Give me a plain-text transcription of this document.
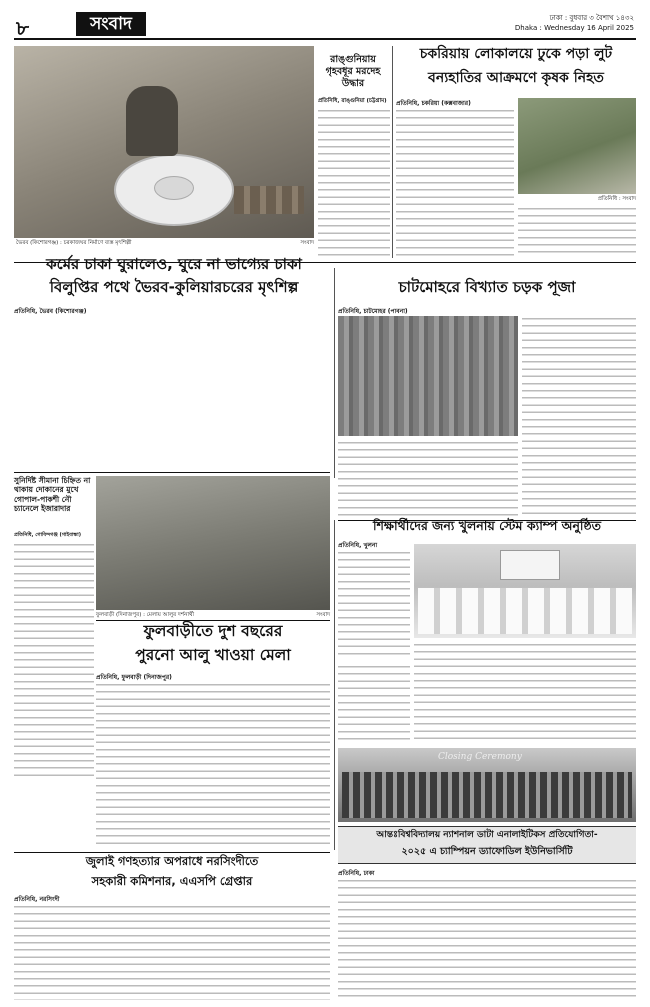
৮	সংবাদ	ঢাকা : বুধবার ৩ বৈশাখ ১৪৩২
Dhaka : Wednesday 16 April 2025
ভৈরব (কিশোরগঞ্জ) : চরকাজঘর নির্মাণে ব্যস্ত মৃৎশিল্পী	সংবাদ
রাঙ্গুনিয়ায় গৃহবধূর মরদেহ উদ্ধার
প্রতিনিধি, রাঙ্গুনিয়া (চট্টগ্রাম)
চকরিয়ায় লোকালয়ে ঢুকে পড়া লুট
বন্যহাতির আক্রমণে কৃষক নিহত
প্রতিনিধি, চকরিয়া (কক্সবাজার)
প্রতিনিধি : সংবাদ
কর্মের চাকা ঘুরালেও, ঘুরে না ভাগ্যের চাকা
বিলুপ্তির পথে ভৈরব-কুলিয়ারচরের মৃৎশিল্প
প্রতিনিধি, ভৈরব (কিশোরগঞ্জ)
চাটমোহরে বিখ্যাত চড়ক পূজা
প্রতিনিধি, চাটমোহর (পাবনা)
সুনির্দিষ্ট সীমানা চিহ্নিত না থাকায় দোকানের মুখে গোপাল-পাকশী নৌ চ্যানেলে ইজারাদার
প্রতিনিধি, গোবিন্দগঞ্জ (গাইবান্ধা)
ফুলবাড়ী (দিনাজপুর) : মেলায় আলুর দর্শনার্থী	সংবাদ
শিক্ষার্থীদের জন্য খুলনায় স্টেম ক্যাম্প অনুষ্ঠিত
প্রতিনিধি, খুলনা
ফুলবাড়ীতে দুশ বছরের
পুরনো আলু খাওয়া মেলা
প্রতিনিধি, ফুলবাড়ী (দিনাজপুর)
Closing Ceremony
জুলাই গণহত্যার অপরাধে নরসিংদীতে
সহকারী কমিশনার, এএসপি গ্রেপ্তার
প্রতিনিধি, নরসিংদী
আন্তঃবিশ্ববিদ্যালয় ন্যাশনাল ডাটা এনালাইটিকস প্রতিযোগিতা-
২০২৫ এ চ্যাম্পিয়ন ড্যাফোডিল ইউনিভার্সিটি
প্রতিনিধি, ঢাকা
